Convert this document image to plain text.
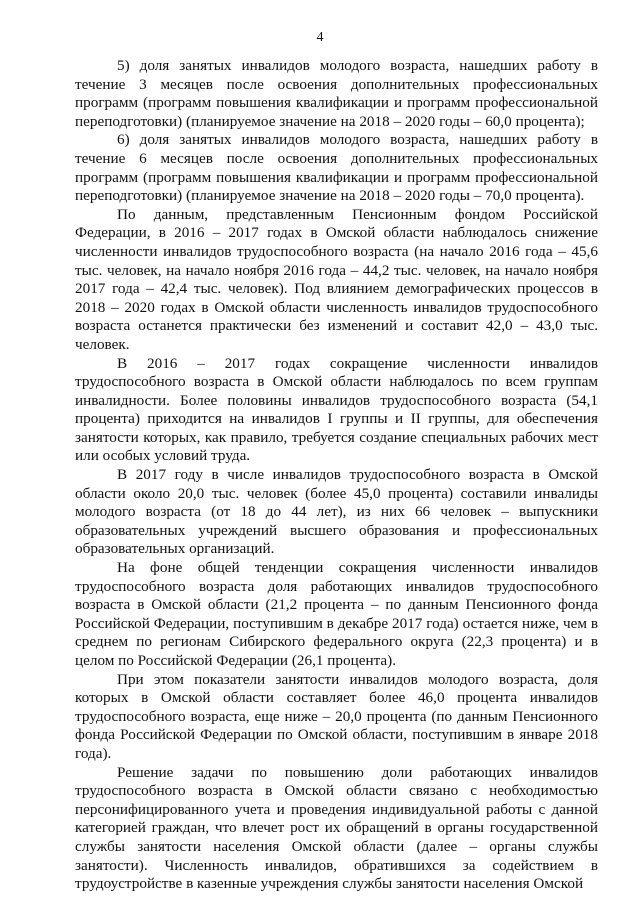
4

5) доля занятых инвалидов молодого возраста, нашедших работу в течение 3 месяцев после освоения дополнительных профессиональных программ (программ повышения квалификации и программ профессиональной переподготовки) (планируемое значение на 2018 – 2020 годы – 60,0 процента);

6) доля занятых инвалидов молодого возраста, нашедших работу в течение 6 месяцев после освоения дополнительных профессиональных программ (программ повышения квалификации и программ профессиональной переподготовки) (планируемое значение на 2018 – 2020 годы – 70,0 процента).

По данным, представленным Пенсионным фондом Российской Федерации, в 2016 – 2017 годах в Омской области наблюдалось снижение численности инвалидов трудоспособного возраста (на начало 2016 года – 45,6 тыс. человек, на начало ноября 2016 года – 44,2 тыс. человек, на начало ноября 2017 года – 42,4 тыс. человек). Под влиянием демографических процессов в 2018 – 2020 годах в Омской области численность инвалидов трудоспособного возраста останется практически без изменений и составит 42,0 – 43,0 тыс. человек.

В 2016 – 2017 годах сокращение численности инвалидов трудоспособного возраста в Омской области наблюдалось по всем группам инвалидности. Более половины инвалидов трудоспособного возраста (54,1 процента) приходится на инвалидов I группы и II группы, для обеспечения занятости которых, как правило, требуется создание специальных рабочих мест или особых условий труда.

В 2017 году в числе инвалидов трудоспособного возраста в Омской области около 20,0 тыс. человек (более 45,0 процента) составили инвалиды молодого возраста (от 18 до 44 лет), из них 66 человек – выпускники образовательных учреждений высшего образования и профессиональных образовательных организаций.

На фоне общей тенденции сокращения численности инвалидов трудоспособного возраста доля работающих инвалидов трудоспособного возраста в Омской области (21,2 процента – по данным Пенсионного фонда Российской Федерации, поступившим в декабре 2017 года) остается ниже, чем в среднем по регионам Сибирского федерального округа (22,3 процента) и в целом по Российской Федерации (26,1 процента).

При этом показатели занятости инвалидов молодого возраста, доля которых в Омской области составляет более 46,0 процента инвалидов трудоспособного возраста, еще ниже – 20,0 процента (по данным Пенсионного фонда Российской Федерации по Омской области, поступившим в январе 2018 года).

Решение задачи по повышению доли работающих инвалидов трудоспособного возраста в Омской области связано с необходимостью персонифицированного учета и проведения индивидуальной работы с данной категорией граждан, что влечет рост их обращений в органы государственной службы занятости населения Омской области (далее – органы службы занятости). Численность инвалидов, обратившихся за содействием в трудоустройстве в казенные учреждения службы занятости населения Омской
